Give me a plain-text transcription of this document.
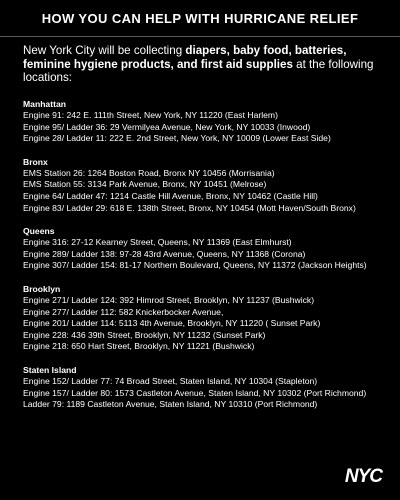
HOW YOU CAN HELP WITH HURRICANE RELIEF

New York City will be collecting diapers, baby food, batteries, feminine hygiene products, and first aid supplies at the following locations:

Manhattan

Engine 91: 242 E. 111th Street, New York, NY 11220 (East Harlem)

Engine 95/ Ladder 36: 29 Vermilyea Avenue, New York, NY 10033 (Inwood)

Engine 28/ Ladder 11: 222 E. 2nd Street, New York, NY 10009 (Lower East Side)

Bronx

EMS Station 26: 1264 Boston Road, Bronx NY 10456 (Morrisania)

EMS Station 55: 3134 Park Avenue, Bronx, NY 10451 (Melrose)

Engine 64/ Ladder 47: 1214 Castle Hill Avenue, Bronx, NY 10462 (Castle Hill)

Engine 83/ Ladder 29: 618 E. 138th Street, Bronx, NY 10454 (Mott Haven/South Bronx)

Queens

Engine 316: 27-12 Kearney Street, Queens, NY 11369 (East Elmhurst)

Engine 289/ Ladder 138: 97-28 43rd Avenue, Queens, NY 11368 (Corona)

Engine 307/ Ladder 154: 81-17 Northern Boulevard, Queens, NY 11372 (Jackson Heights)

Brooklyn

Engine 271/ Ladder 124: 392 Himrod Street, Brooklyn, NY 11237 (Bushwick)

Engine 277/ Ladder 112: 582 Knickerbocker Avenue,

Engine 201/ Ladder 114: 5113 4th Avenue, Brooklyn, NY 11220 ( Sunset Park)

Engine 228: 436 39th Street, Brooklyn, NY 11232 (Sunset Park)

Engine 218: 650 Hart Street, Brooklyn, NY 11221 (Bushwick)

Staten Island

Engine 152/ Ladder 77: 74 Broad Street, Staten Island, NY 10304 (Stapleton)

Engine 157/ Ladder 80: 1573 Castleton Avenue, Staten Island, NY 10302 (Port Richmond)

Ladder 79: 1189 Castleton Avenue, Staten Island, NY 10310 (Port Richmond)

NYC
